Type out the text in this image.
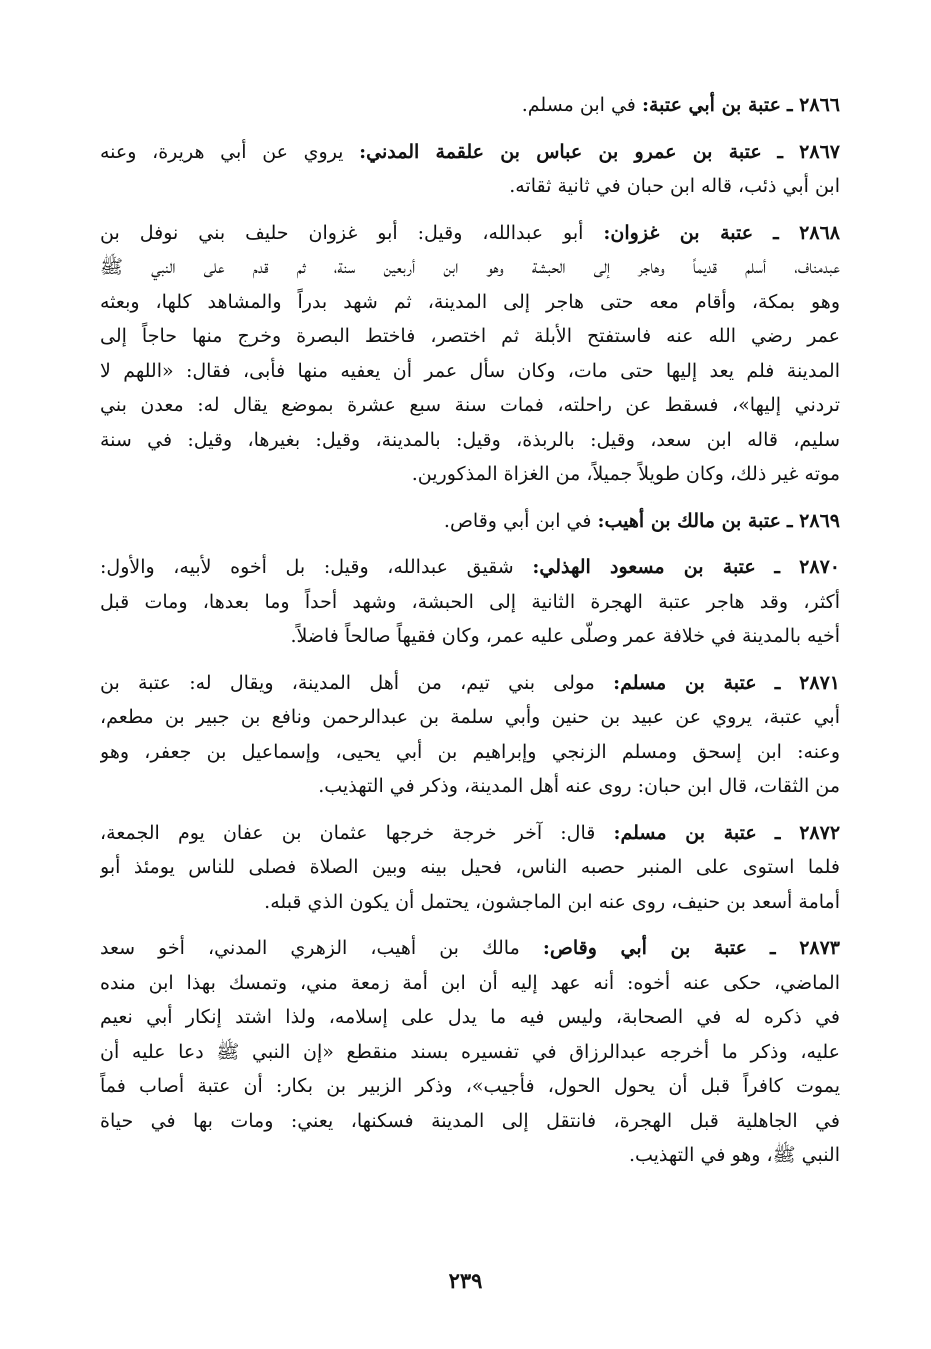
٢٨٦٦ ـ عتبة بن أبي عتبة: في ابن مسلم.
٢٨٦٧ ـ عتبة بن عمرو بن عباس بن علقمة المدني: يروي عن أبي هريرة، وعنه
ابن أبي ذئب، قاله ابن حبان في ثانية ثقاته.
٢٨٦٨ ـ عتبة بن غزوان: أبو عبدالله، وقيل: أبو غزوان حليف بني نوفل بن
عبدمناف، أسلم قديماً وهاجر إلى الحبشة وهو ابن أربعين سنة، ثم قدم على النبي ﷺ
وهو بمكة، وأقام معه حتى هاجر إلى المدينة، ثم شهد بدراً والمشاهد كلها، وبعثه
عمر رضي الله عنه فاستفتح الأبلة ثم اختصر، فاختط البصرة وخرج منها حاجاً إلى
المدينة فلم يعد إليها حتى مات، وكان سأل عمر أن يعفيه منها فأبى، فقال: «اللهم لا
تردني إليها»، فسقط عن راحلته، فمات سنة سبع عشرة بموضع يقال له: معدن بني
سليم، قاله ابن سعد، وقيل: بالربذة، وقيل: بالمدينة، وقيل: بغيرها، وقيل: في سنة
موته غير ذلك، وكان طويلاً جميلاً، من الغزاة المذكورين.
٢٨٦٩ ـ عتبة بن مالك بن أهيب: في ابن أبي وقاص.
٢٨٧٠ ـ عتبة بن مسعود الهذلي: شقيق عبدالله، وقيل: بل أخوه لأبيه، والأول:
أكثر، وقد هاجر عتبة الهجرة الثانية إلى الحبشة، وشهد أحداً وما بعدها، ومات قبل
أخيه بالمدينة في خلافة عمر وصلّى عليه عمر، وكان فقيهاً صالحاً فاضلاً.
٢٨٧١ ـ عتبة بن مسلم: مولى بني تيم، من أهل المدينة، ويقال له: عتبة بن
أبي عتبة، يروي عن عبيد بن حنين وأبي سلمة بن عبدالرحمن ونافع بن جبير بن مطعم،
وعنه: ابن إسحق ومسلم الزنجي وإبراهيم بن أبي يحيى، وإسماعيل بن جعفر، وهو
من الثقات، قال ابن حبان: روى عنه أهل المدينة، وذكر في التهذيب.
٢٨٧٢ ـ عتبة بن مسلم: قال: آخر خرجة خرجها عثمان بن عفان يوم الجمعة،
فلما استوى على المنبر حصبه الناس، فحيل بينه وبين الصلاة فصلى للناس يومئذ أبو
أمامة أسعد بن حنيف، روى عنه ابن الماجشون، يحتمل أن يكون الذي قبله.
٢٨٧٣ ـ عتبة بن أبي وقاص: مالك بن أهيب، الزهري المدني، أخو سعد
الماضي، حكى عنه أخوه: أنه عهد إليه أن ابن أمة زمعة مني، وتمسك بهذا ابن منده
في ذكره له في الصحابة، وليس فيه ما يدل على إسلامه، ولذا اشتد إنكار أبي نعيم
عليه، وذكر ما أخرجه عبدالرزاق في تفسيره بسند منقطع «إن النبي ﷺ دعا عليه أن
يموت كافراً قبل أن يحول الحول، فأجيب»، وذكر الزبير بن بكار: أن عتبة أصاب فماً
في الجاهلية قبل الهجرة، فانتقل إلى المدينة فسكنها، يعني: ومات بها في حياة
النبي ﷺ، وهو في التهذيب.
٢٣٩
